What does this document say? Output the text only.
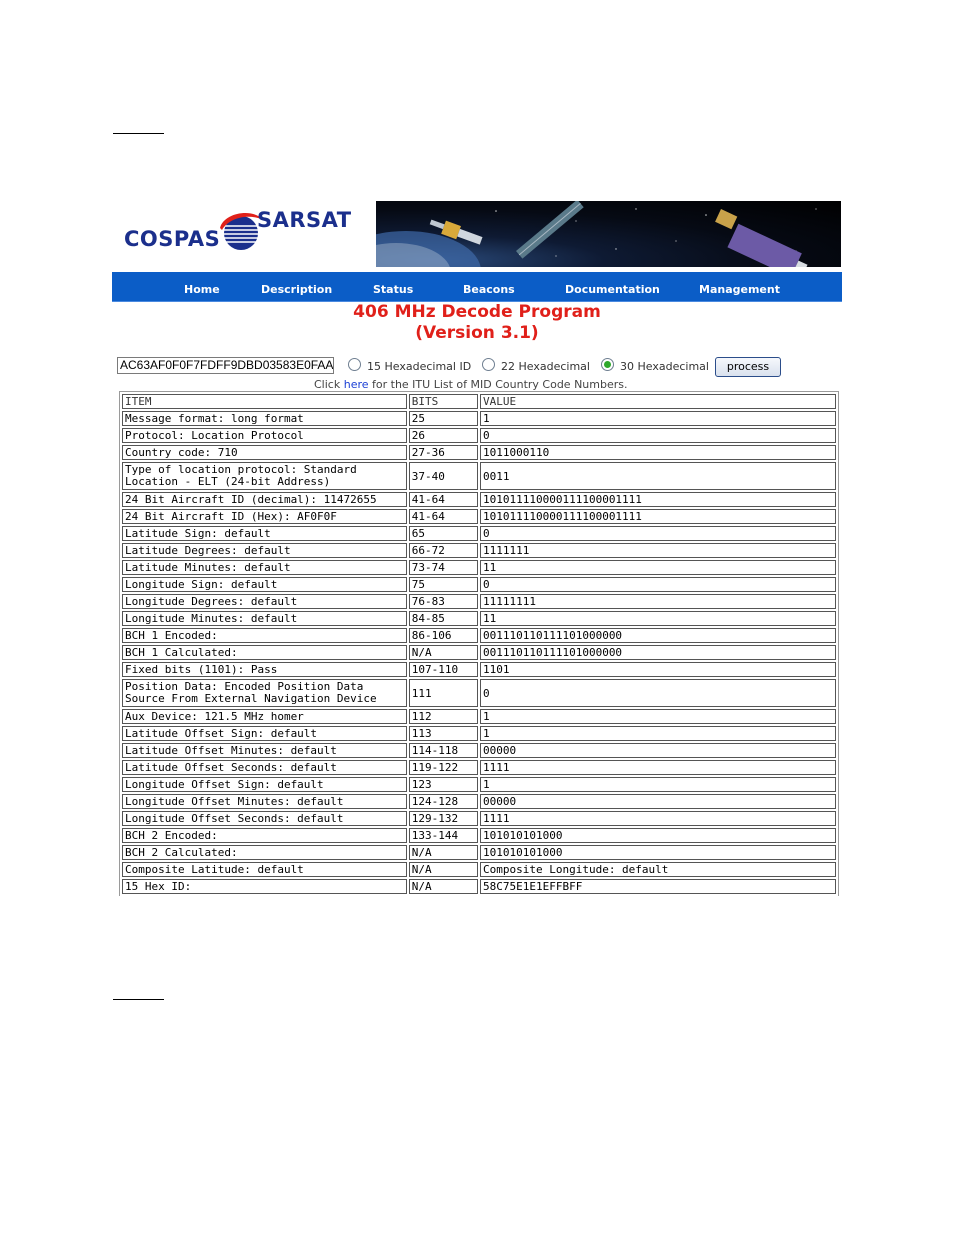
COSPAS
SARSAT
Home	Description	Status	Beacons	Documentation	Management
406 MHz Decode Program
(Version 3.1)
AC63AF0F0F7FDFF9DBD03583E0FAA	15 Hexadecimal ID	22 Hexadecimal	30 Hexadecimal	process
Click here for the ITU List of MID Country Code Numbers.
ITEM	BITS	VALUE
Message format: long format	25	1
Protocol: Location Protocol	26	0
Country code: 710	27-36	1011000110
Type of location protocol: Standard Location - ELT (24-bit Address)	37-40	0011
24 Bit Aircraft ID (decimal): 11472655	41-64	101011110000111100001111
24 Bit Aircraft ID (Hex): AF0F0F	41-64	101011110000111100001111
Latitude Sign: default	65	0
Latitude Degrees: default	66-72	1111111
Latitude Minutes: default	73-74	11
Longitude Sign: default	75	0
Longitude Degrees: default	76-83	11111111
Longitude Minutes: default	84-85	11
BCH 1 Encoded:	86-106	001110110111101000000
BCH 1 Calculated:	N/A	001110110111101000000
Fixed bits (1101): Pass	107-110	1101
Position Data: Encoded Position Data Source From External Navigation Device	111	0
Aux Device: 121.5 MHz homer	112	1
Latitude Offset Sign: default	113	1
Latitude Offset Minutes: default	114-118	00000
Latitude Offset Seconds: default	119-122	1111
Longitude Offset Sign: default	123	1
Longitude Offset Minutes: default	124-128	00000
Longitude Offset Seconds: default	129-132	1111
BCH 2 Encoded:	133-144	101010101000
BCH 2 Calculated:	N/A	101010101000
Composite Latitude: default	N/A	Composite Longitude: default
15 Hex ID:	N/A	58C75E1E1EFFBFF
